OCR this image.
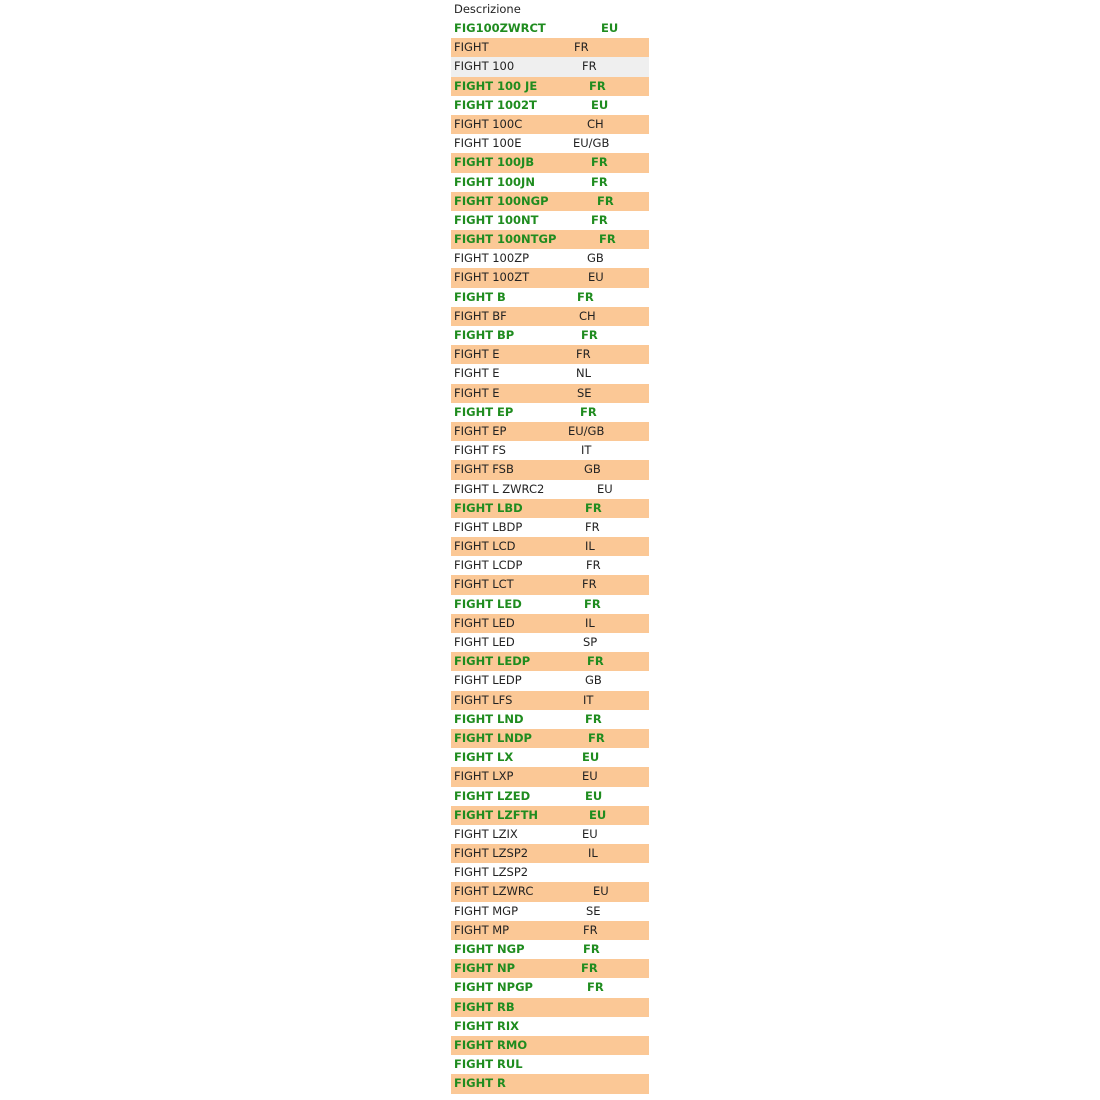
Descrizione
FIG100ZWRCT	EU
FIGHT	FR
FIGHT 100	FR
FIGHT 100 JE	FR
FIGHT 1002T	EU
FIGHT 100C	CH
FIGHT 100E	EU/GB
FIGHT 100JB	FR
FIGHT 100JN	FR
FIGHT 100NGP	FR
FIGHT 100NT	FR
FIGHT 100NTGP	FR
FIGHT 100ZP	GB
FIGHT 100ZT	EU
FIGHT B	FR
FIGHT BF	CH
FIGHT BP	FR
FIGHT E	FR
FIGHT E	NL
FIGHT E	SE
FIGHT EP	FR
FIGHT EP	EU/GB
FIGHT FS	IT
FIGHT FSB	GB
FIGHT L ZWRC2	EU
FIGHT LBD	FR
FIGHT LBDP	FR
FIGHT LCD	IL
FIGHT LCDP	FR
FIGHT LCT	FR
FIGHT LED	FR
FIGHT LED	IL
FIGHT LED	SP
FIGHT LEDP	FR
FIGHT LEDP	GB
FIGHT LFS	IT
FIGHT LND	FR
FIGHT LNDP	FR
FIGHT LX	EU
FIGHT LXP	EU
FIGHT LZED	EU
FIGHT LZFTH	EU
FIGHT LZIX	EU
FIGHT LZSP2	IL
FIGHT LZSP2
FIGHT LZWRC	EU
FIGHT MGP	SE
FIGHT MP	FR
FIGHT NGP	FR
FIGHT NP	FR
FIGHT NPGP	FR
FIGHT RB
FIGHT RIX
FIGHT RMO
FIGHT RUL
FIGHT R
